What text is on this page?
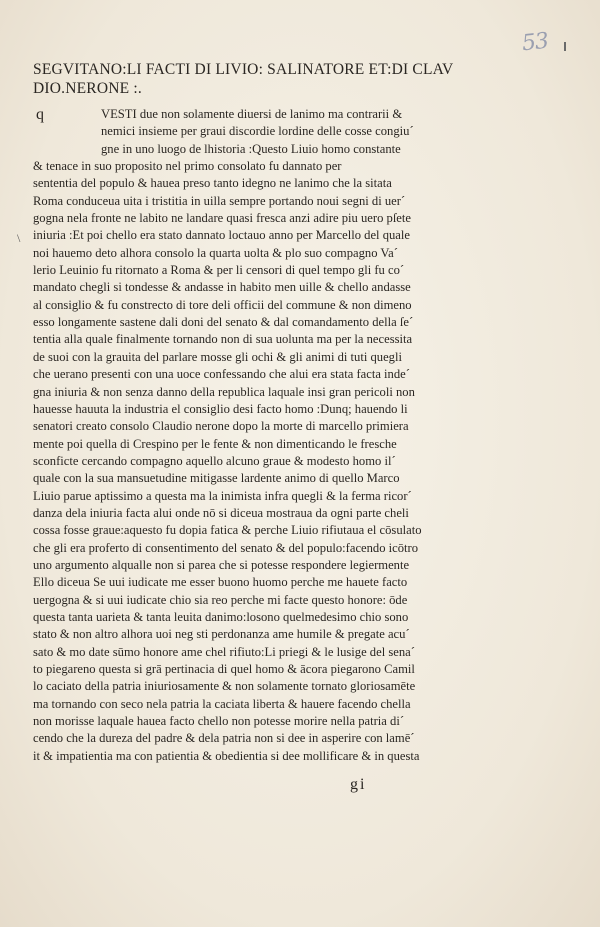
53
SEGVITANO:LI FACTI DI LIVIO: SALINATORE ET:DI CLAV
DIO.NERONE :.
q
\
VESTI due non solamente diuersi de lanimo ma contrarii &
nemici insieme per graui discordie lordine delle cosse congiu´
gne in uno luogo de lhistoria :Questo Liuio homo constante
& tenace in suo proposito nel primo consolato fu dannato per
sententia del populo & hauea preso tanto idegno ne lanimo che la sitata
Roma conduceua uita i tristitia in uilla sempre portando noui segni di uer´
gogna nela fronte ne labito ne landare quasi fresca anzi adire piu uero pſete
iniuria :Et poi chello era stato dannato loctauo anno per Marcello del quale
noi hauemo deto alhora consolo la quarta uolta & plo suo compagno Va´
lerio Leuinio fu ritornato a Roma & per li censori di quel tempo gli fu co´
mandato chegli si tondesse & andasse in habito men uille & chello andasse
al consiglio & fu constrecto di tore deli officii del commune & non dimeno
esso longamente sastene dali doni del senato & dal comandamento della ſe´
tentia alla quale finalmente tornando non di sua uolunta ma per la necessita
de suoi con la grauita del parlare mosse gli ochi & gli animi di tuti quegli
che uerano presenti con una uoce confessando che alui era stata facta inde´
gna iniuria & non senza danno della republica laquale insi gran pericoli non
hauesse hauuta la industria el consiglio desi facto homo :Dunq; hauendo li
senatori creato consolo Claudio nerone dopo la morte di marcello primiera
mente poi quella di Crespino per le fente & non dimenticando le fresche
sconficte cercando compagno aquello alcuno graue & modesto homo il´
quale con la sua mansuetudine mitigasse lardente animo di quello Marco
Liuio parue aptissimo a questa ma la inimista infra quegli & la ferma ricor´
danza dela iniuria facta alui onde nō si diceua mostraua da ogni parte cheli
cossa fosse graue:aquesto fu dopia fatica & perche Liuio rifiutaua el cōsulato
che gli era proferto di consentimento del senato & del populo:facendo icōtro
uno argumento alqualle non si parea che si potesse respondere legiermente
Ello diceua Se uui iudicate me esser buono huomo perche me hauete facto
uergogna & si uui iudicate chio sia reo perche mi facte questo honore: ōde
questa tanta uarieta & tanta leuita danimo:losono quelmedesimo chio sono
stato & non altro alhora uoi neg sti perdonanza ame humile & pregate acu´
sato & mo date sūmo honore ame chel rifiuto:Li priegi & le lusige del sena´
to piegareno questa si grā pertinacia di quel homo & ācora piegarono Camil
lo caciato della patria iniuriosamente & non solamente tornato gloriosamēte
ma tornando con seco nela patria la caciata liberta & hauere facendo chella
non morisse laquale hauea facto chello non potesse morire nella patria di´
cendo che la dureza del padre & dela patria non si dee in asperire con lamē´
it & impatientia ma con patientia & obedientia si dee mollificare & in questa
gi
